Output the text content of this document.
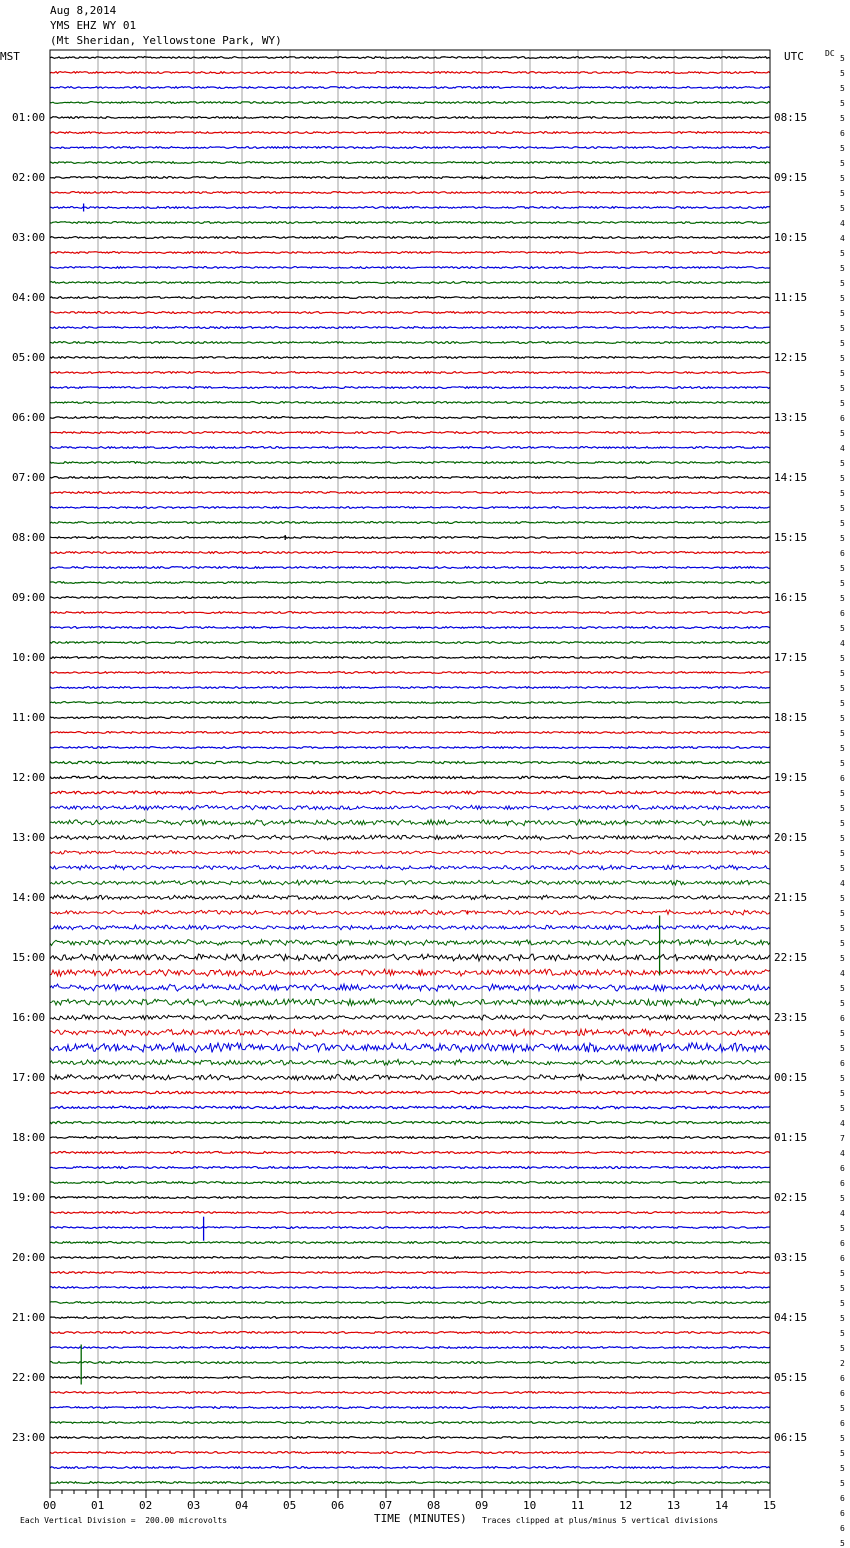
Aug 8,2014
YMS EHZ WY 01
(Mt Sheridan, Yellowstone Park, WY)
MST	UTC	DC
01:00
02:00
03:00
04:00
05:00
06:00
07:00
08:00
09:00
10:00
11:00
12:00
13:00
14:00
15:00
16:00
17:00
18:00
19:00
20:00
21:00
22:00
23:00
08:15
09:15
10:15
11:15
12:15
13:15
14:15
15:15
16:15
17:15
18:15
19:15
20:15
21:15
22:15
23:15
00:15
01:15
02:15
03:15
04:15
05:15
06:15
5
5
5
5
5
6
5
5
5
5
5
4
4
5
5
5
5
5
5
5
5
5
5
5
6
5
4
5
5
5
5
5
5
6
5
5
5
6
5
4
5
5
5
5
5
5
5
5
6
5
5
5
5
5
5
4
5
5
5
5
5
4
5
5
6
5
5
6
5
5
5
4
7
4
6
6
5
4
5
6
6
5
5
5
5
5
5
2
6
6
5
6
5
5
5
5
6
6
6
5
00	01	02	03	04	05	06	07	08	09	10	11	12	13	14	15
Each Vertical Division =  200.00 microvolts	TIME (MINUTES) Traces clipped at plus/minus 5 vertical divisions
